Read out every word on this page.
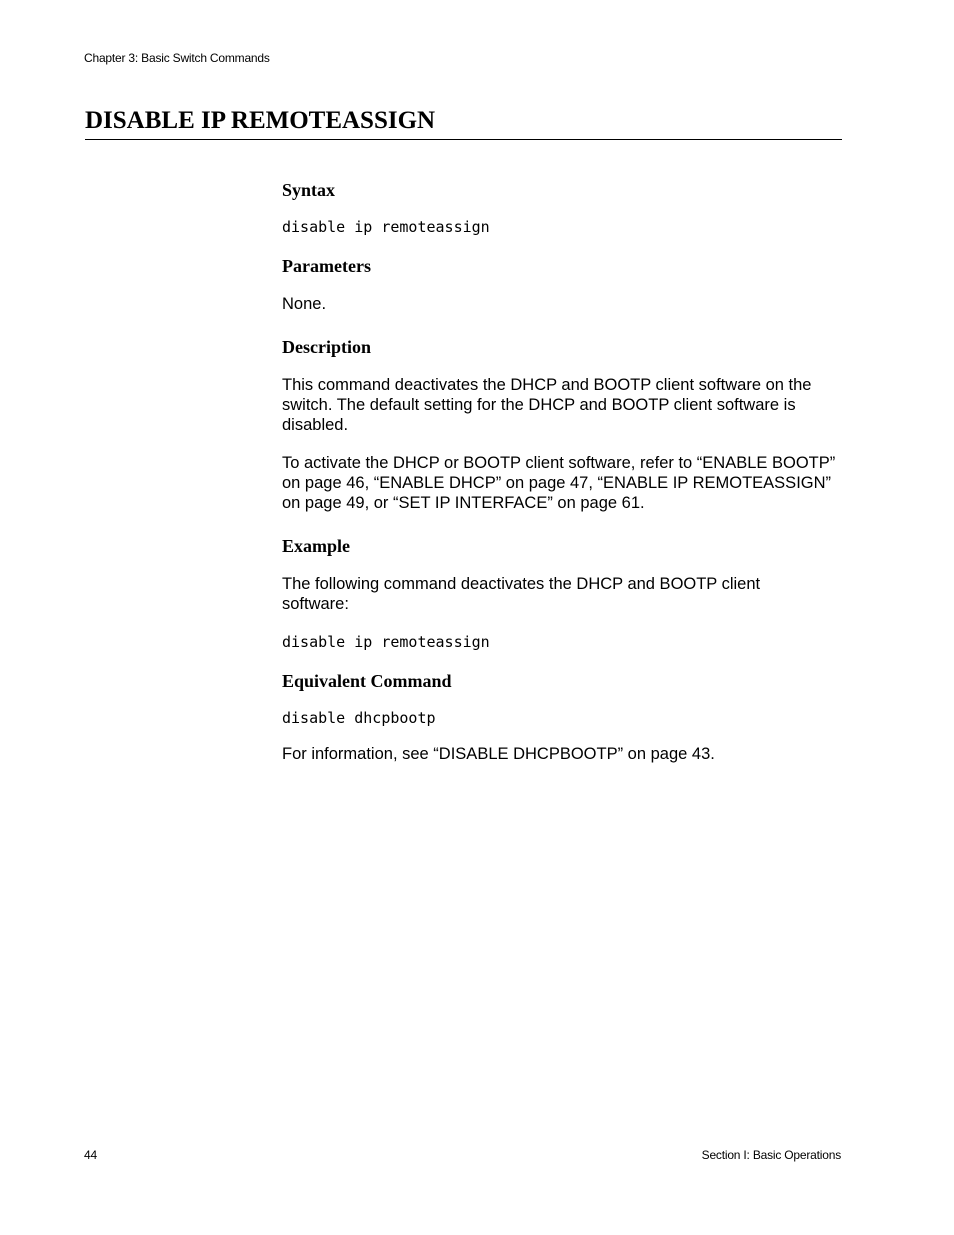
Chapter 3: Basic Switch Commands
DISABLE IP REMOTEASSIGN
Syntax
disable ip remoteassign
Parameters

None.

Description

This command deactivates the DHCP and BOOTP client software on the switch. The default setting for the DHCP and BOOTP client software is disabled.

To activate the DHCP or BOOTP client software, refer to “ENABLE BOOTP” on page 46, “ENABLE DHCP” on page 47, “ENABLE IP REMOTEASSIGN” on page 49, or “SET IP INTERFACE” on page 61.

Example

The following command deactivates the DHCP and BOOTP client software:

disable ip remoteassign
Equivalent Command
disable dhcpbootp

For information, see “DISABLE DHCPBOOTP” on page 43.

44	Section I: Basic Operations
